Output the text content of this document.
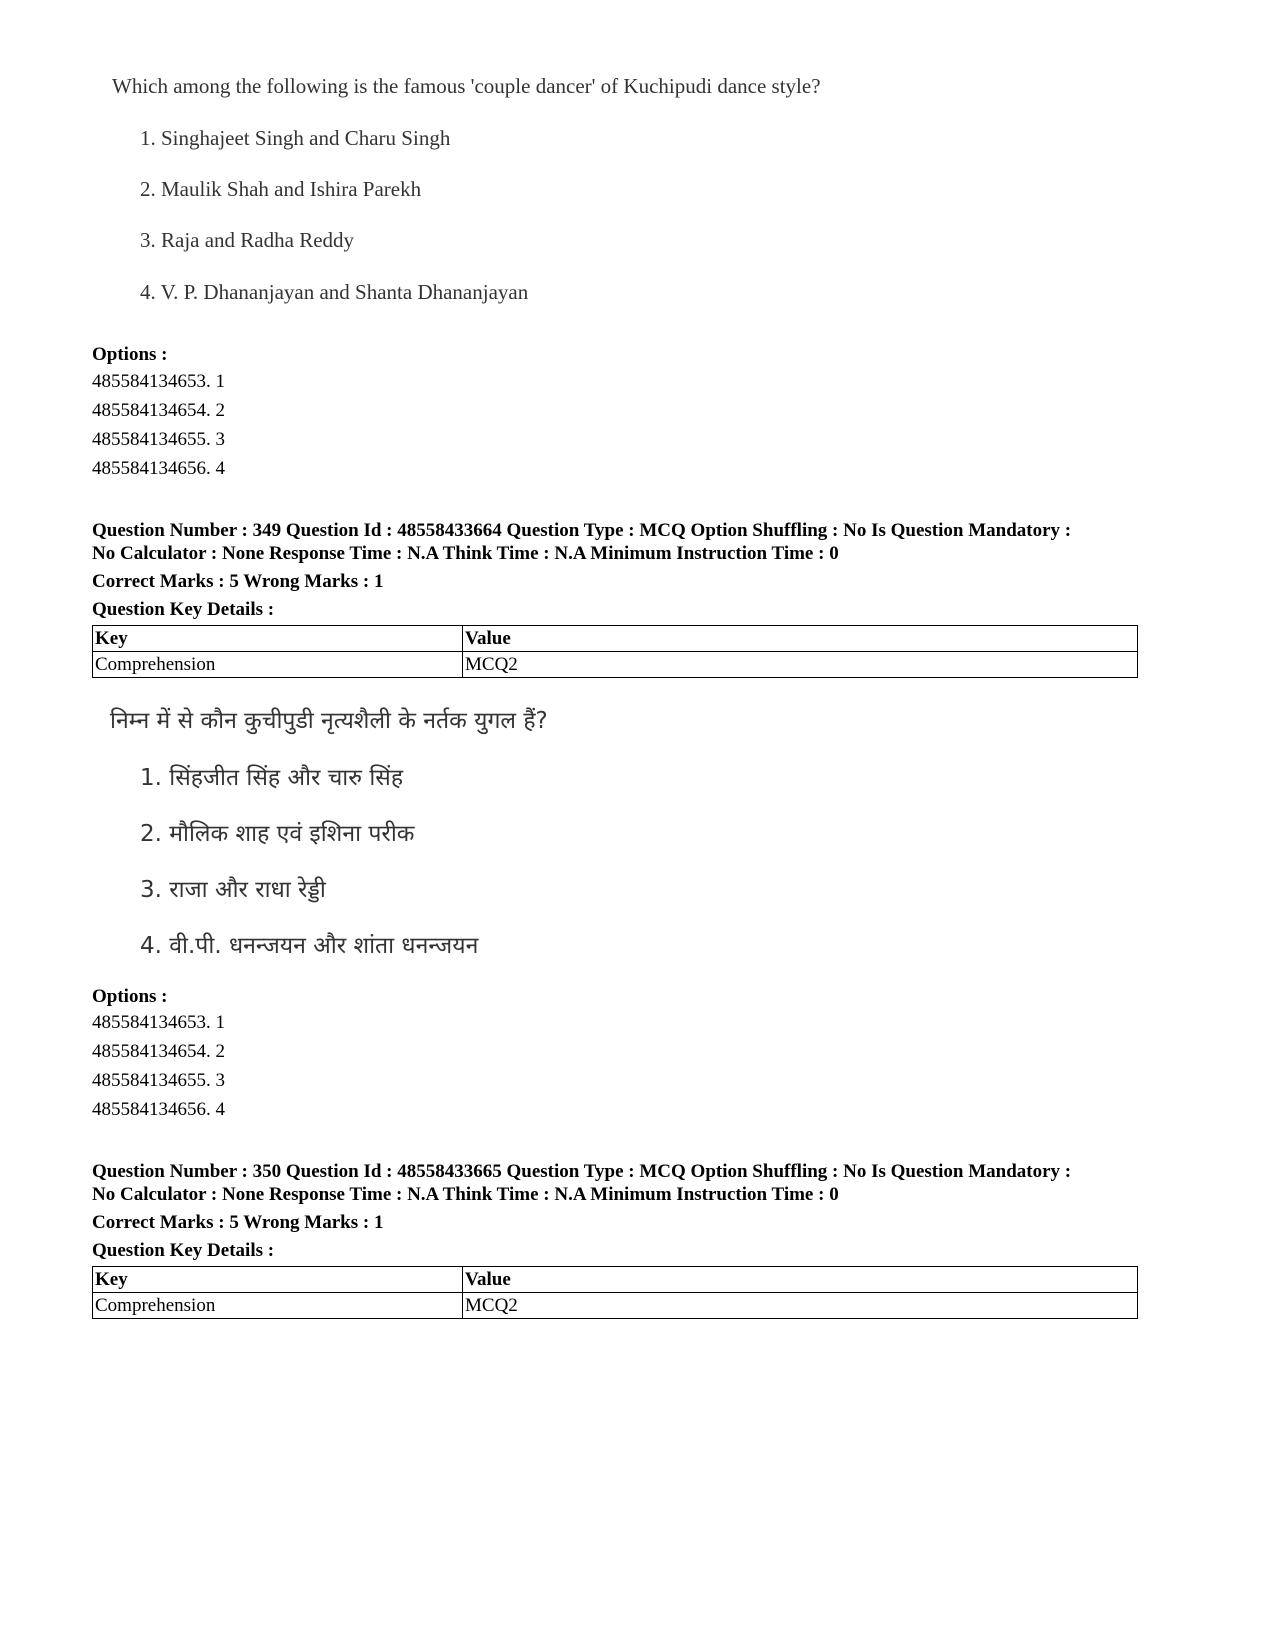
Which among the following is the famous 'couple dancer' of Kuchipudi dance style?
1. Singhajeet Singh and Charu Singh
2. Maulik Shah and Ishira Parekh
3. Raja and Radha Reddy
4. V. P. Dhananjayan and Shanta Dhananjayan
Options :
485584134653. 1
485584134654. 2
485584134655. 3
485584134656. 4
Question Number : 349 Question Id : 48558433664 Question Type : MCQ Option Shuffling : No Is Question Mandatory :
No Calculator : None Response Time : N.A Think Time : N.A Minimum Instruction Time : 0
Correct Marks : 5 Wrong Marks : 1
Question Key Details :
Key	Value
Comprehension	MCQ2
निम्न में से कौन कुचीपुडी नृत्यशैली के नर्तक युगल हैं?
1. सिंहजीत सिंह और चारु सिंह
2. मौलिक शाह एवं इशिना परीक
3. राजा और राधा रेड्डी
4. वी.पी. धनन्जयन और शांता धनन्जयन
Options :
485584134653. 1
485584134654. 2
485584134655. 3
485584134656. 4
Question Number : 350 Question Id : 48558433665 Question Type : MCQ Option Shuffling : No Is Question Mandatory :
No Calculator : None Response Time : N.A Think Time : N.A Minimum Instruction Time : 0
Correct Marks : 5 Wrong Marks : 1
Question Key Details :
Key	Value
Comprehension	MCQ2
